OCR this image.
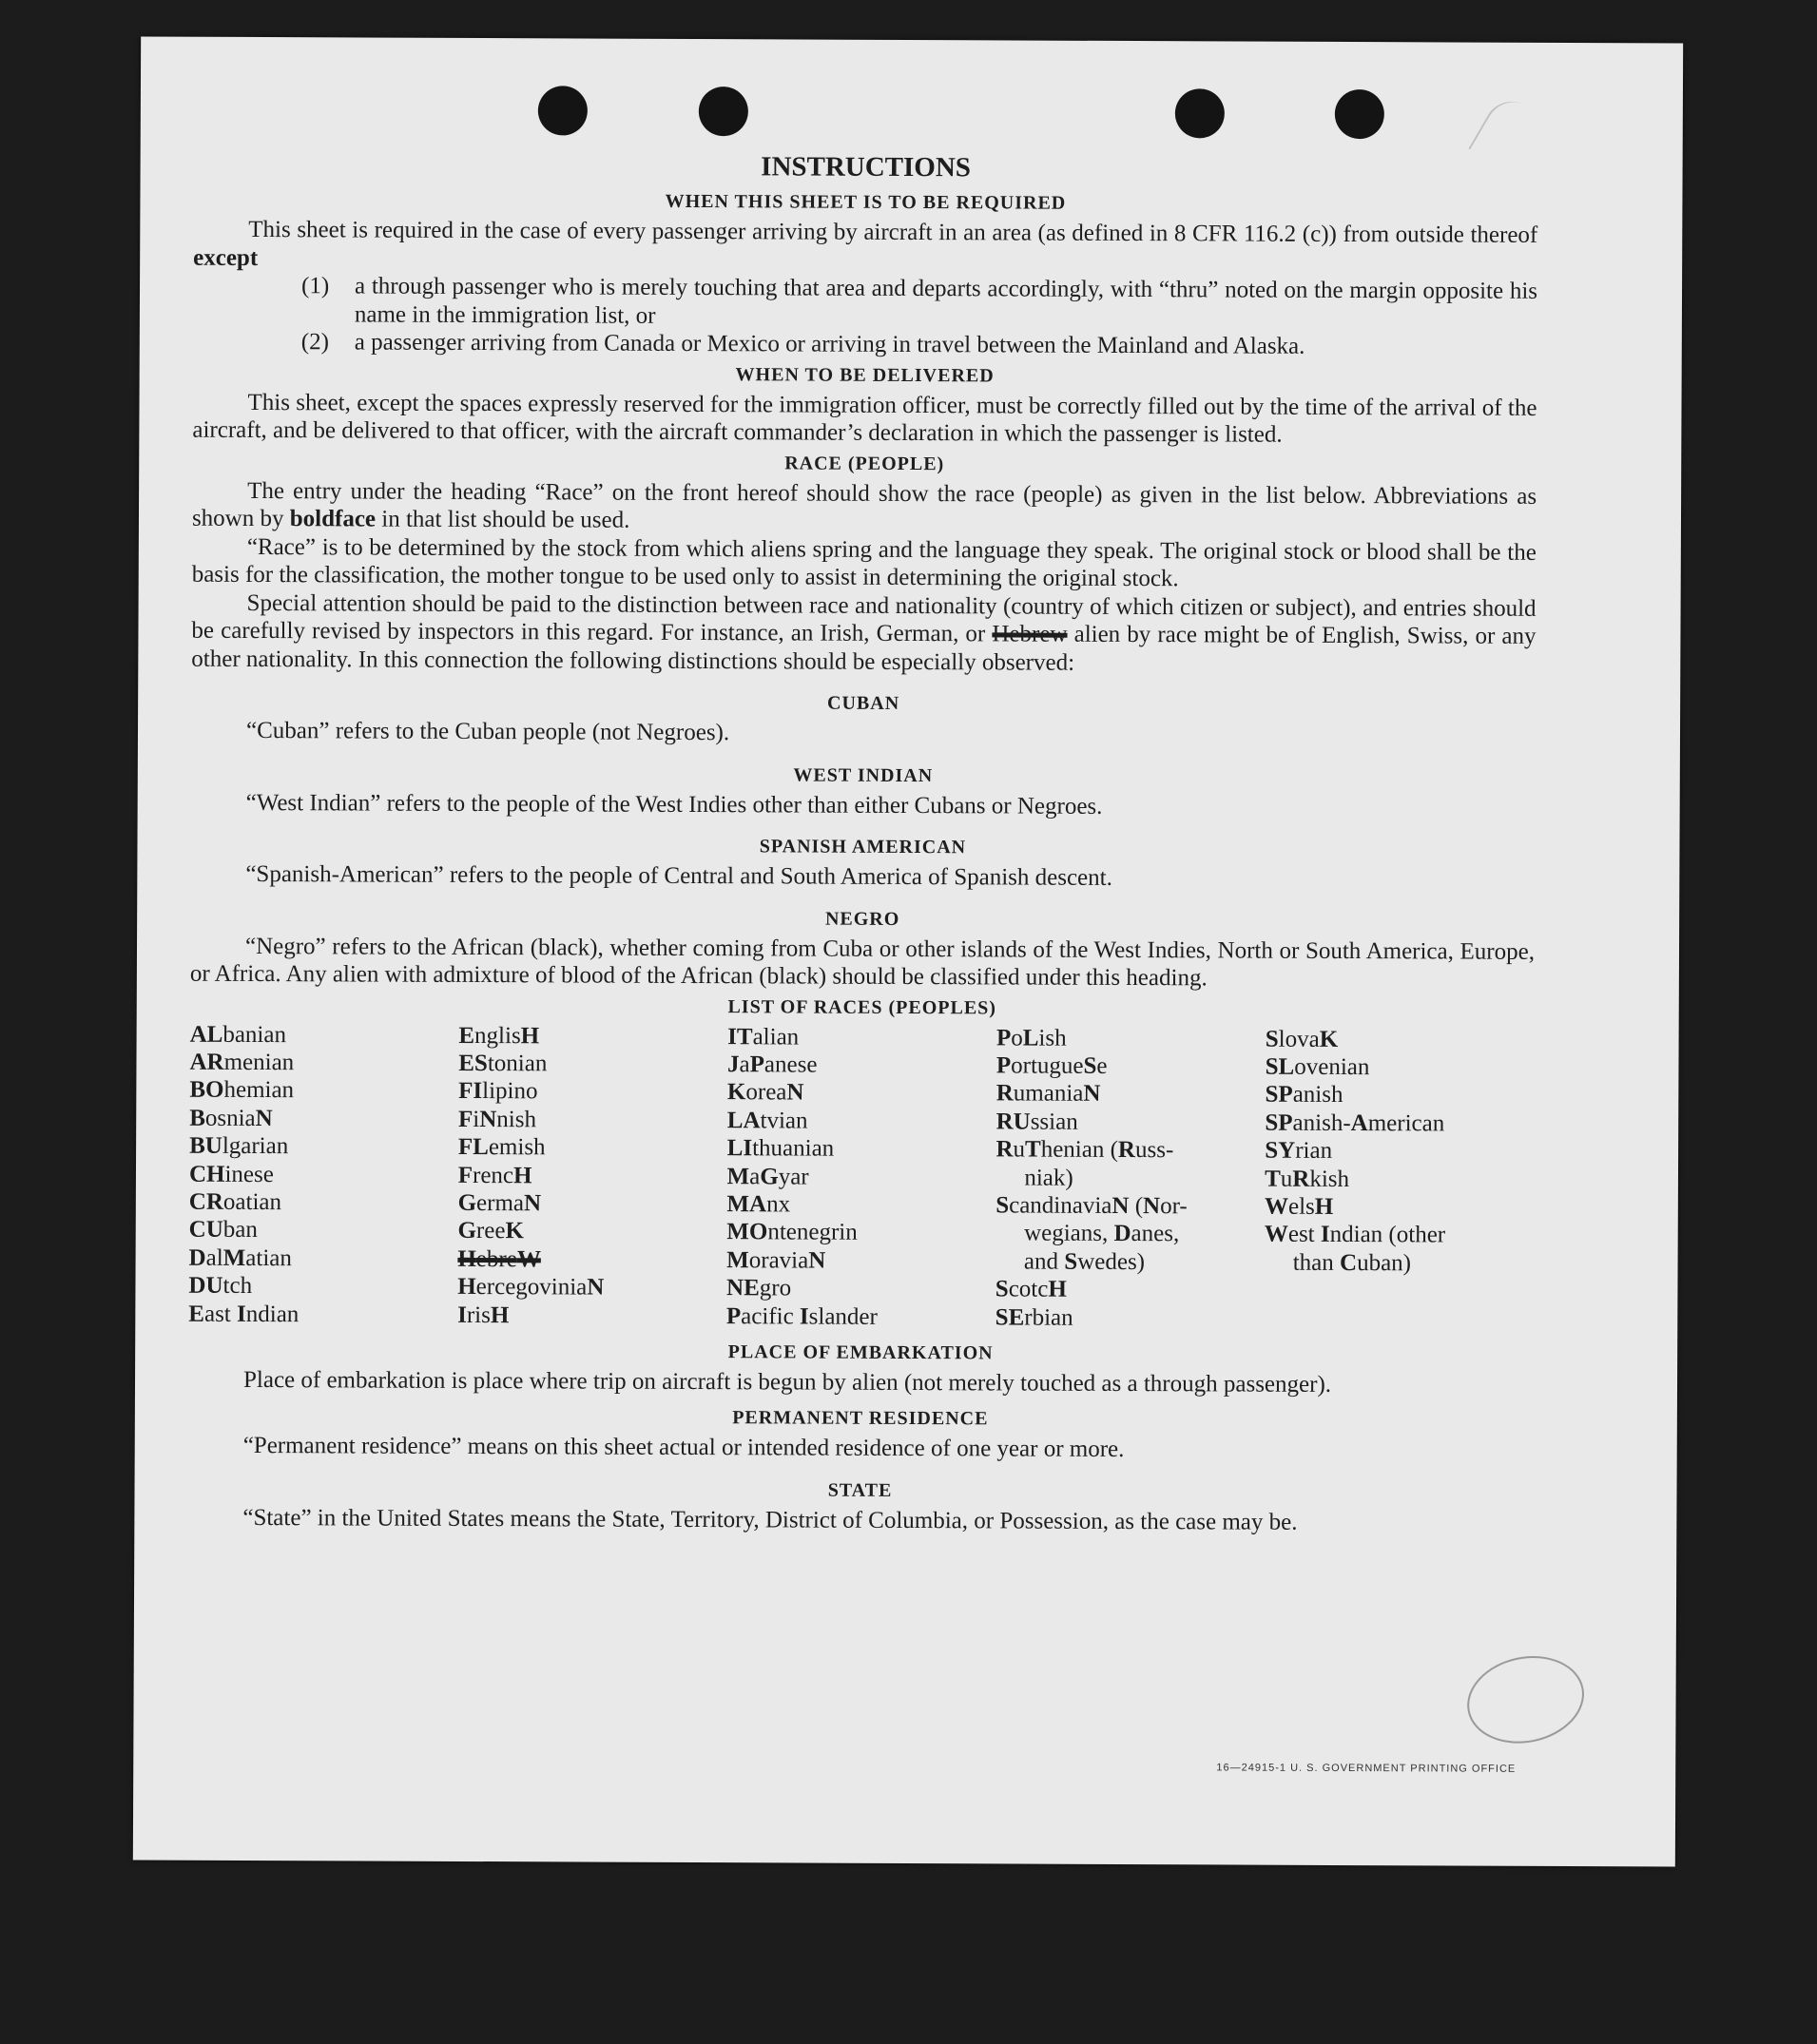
INSTRUCTIONS
WHEN THIS SHEET IS TO BE REQUIRED

This sheet is required in the case of every passenger arriving by aircraft in an area (as defined in 8 CFR 116.2 (c)) from outside thereof except

(1)	a through passenger who is merely touching that area and departs accordingly, with “thru” noted on the margin opposite his name in the immigration list, or

(2)	a passenger arriving from Canada or Mexico or arriving in travel between the Mainland and Alaska.

WHEN TO BE DELIVERED

This sheet, except the spaces expressly reserved for the immigration officer, must be correctly filled out by the time of the arrival of the aircraft, and be delivered to that officer, with the aircraft commander’s declaration in which the passenger is listed.

RACE (PEOPLE)

The entry under the heading “Race” on the front hereof should show the race (people) as given in the list below. Abbreviations as shown by boldface in that list should be used.

“Race” is to be determined by the stock from which aliens spring and the language they speak. The original stock or blood shall be the basis for the classification, the mother tongue to be used only to assist in determining the original stock.

Special attention should be paid to the distinction between race and nationality (country of which citizen or subject), and entries should be carefully revised by inspectors in this regard. For instance, an Irish, German, or Hebrew alien by race might be of English, Swiss, or any other nationality. In this connection the following distinctions should be especially observed:

CUBAN

“Cuban” refers to the Cuban people (not Negroes).

WEST INDIAN

“West Indian” refers to the people of the West Indies other than either Cubans or Negroes.

SPANISH AMERICAN

“Spanish-American” refers to the people of Central and South America of Spanish descent.

NEGRO

“Negro” refers to the African (black), whether coming from Cuba or other islands of the West Indies, North or South America, Europe, or Africa. Any alien with admixture of blood of the African (black) should be classified under this heading.

LIST OF RACES (PEOPLES)
ALbanian
ARmenian
BOhemian
BosniaN
BUlgarian
CHinese
CRoatian
CUban
DalMatian
DUtch
East Indian
EnglisH
EStonian
FIlipino
FiNnish
FLemish
FrencH
GermaN
GreeK
HebreW
HercegoviniaN
IrisH
ITalian
JaPanese
KoreaN
LAtvian
LIthuanian
MaGyar
MAnx
MOntenegrin
MoraviaN
NEgro
Pacific Islander
PoLish
PortugueSe
RumaniaN
RUssian
RuThenian (Russ-
niak)
ScandinaviaN (Nor-
wegians, Danes,
and Swedes)
ScotcH
SErbian
SlovaK
SLovenian
SPanish
SPanish-American
SYrian
TuRkish
WelsH
West Indian (other
than Cuban)
PLACE OF EMBARKATION

Place of embarkation is place where trip on aircraft is begun by alien (not merely touched as a through passenger).

PERMANENT RESIDENCE

“Permanent residence” means on this sheet actual or intended residence of one year or more.

STATE

“State” in the United States means the State, Territory, District of Columbia, or Possession, as the case may be.

16—24915-1 U. S. GOVERNMENT PRINTING OFFICE
